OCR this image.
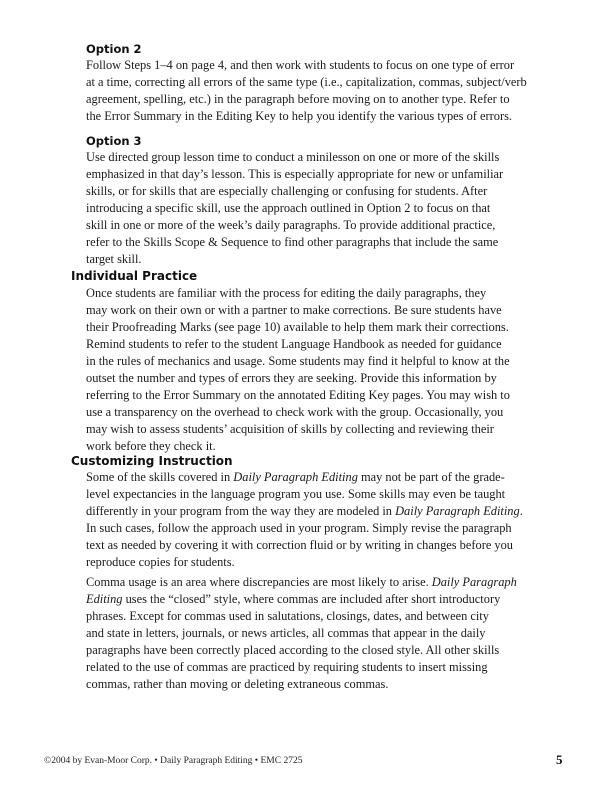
Option 2
Follow Steps 1–4 on page 4, and then work with students to focus on one type of error
at a time, correcting all errors of the same type (i.e., capitalization, commas, subject/verb
agreement, spelling, etc.) in the paragraph before moving on to another type. Refer to
the Error Summary in the Editing Key to help you identify the various types of errors.
Option 3
Use directed group lesson time to conduct a minilesson on one or more of the skills
emphasized in that day’s lesson. This is especially appropriate for new or unfamiliar
skills, or for skills that are especially challenging or confusing for students. After
introducing a specific skill, use the approach outlined in Option 2 to focus on that
skill in one or more of the week’s daily paragraphs. To provide additional practice,
refer to the Skills Scope & Sequence to find other paragraphs that include the same
target skill.
Individual Practice
Once students are familiar with the process for editing the daily paragraphs, they
may work on their own or with a partner to make corrections. Be sure students have
their Proofreading Marks (see page 10) available to help them mark their corrections.
Remind students to refer to the student Language Handbook as needed for guidance
in the rules of mechanics and usage. Some students may find it helpful to know at the
outset the number and types of errors they are seeking. Provide this information by
referring to the Error Summary on the annotated Editing Key pages. You may wish to
use a transparency on the overhead to check work with the group. Occasionally, you
may wish to assess students’ acquisition of skills by collecting and reviewing their
work before they check it.
Customizing Instruction
Some of the skills covered in Daily Paragraph Editing may not be part of the grade-
level expectancies in the language program you use. Some skills may even be taught
differently in your program from the way they are modeled in Daily Paragraph Editing.
In such cases, follow the approach used in your program. Simply revise the paragraph
text as needed by covering it with correction fluid or by writing in changes before you
reproduce copies for students.
Comma usage is an area where discrepancies are most likely to arise. Daily Paragraph
Editing uses the “closed” style, where commas are included after short introductory
phrases. Except for commas used in salutations, closings, dates, and between city
and state in letters, journals, or news articles, all commas that appear in the daily
paragraphs have been correctly placed according to the closed style. All other skills
related to the use of commas are practiced by requiring students to insert missing
commas, rather than moving or deleting extraneous commas.
©2004 by Evan-Moor Corp. • Daily Paragraph Editing • EMC 2725	5
